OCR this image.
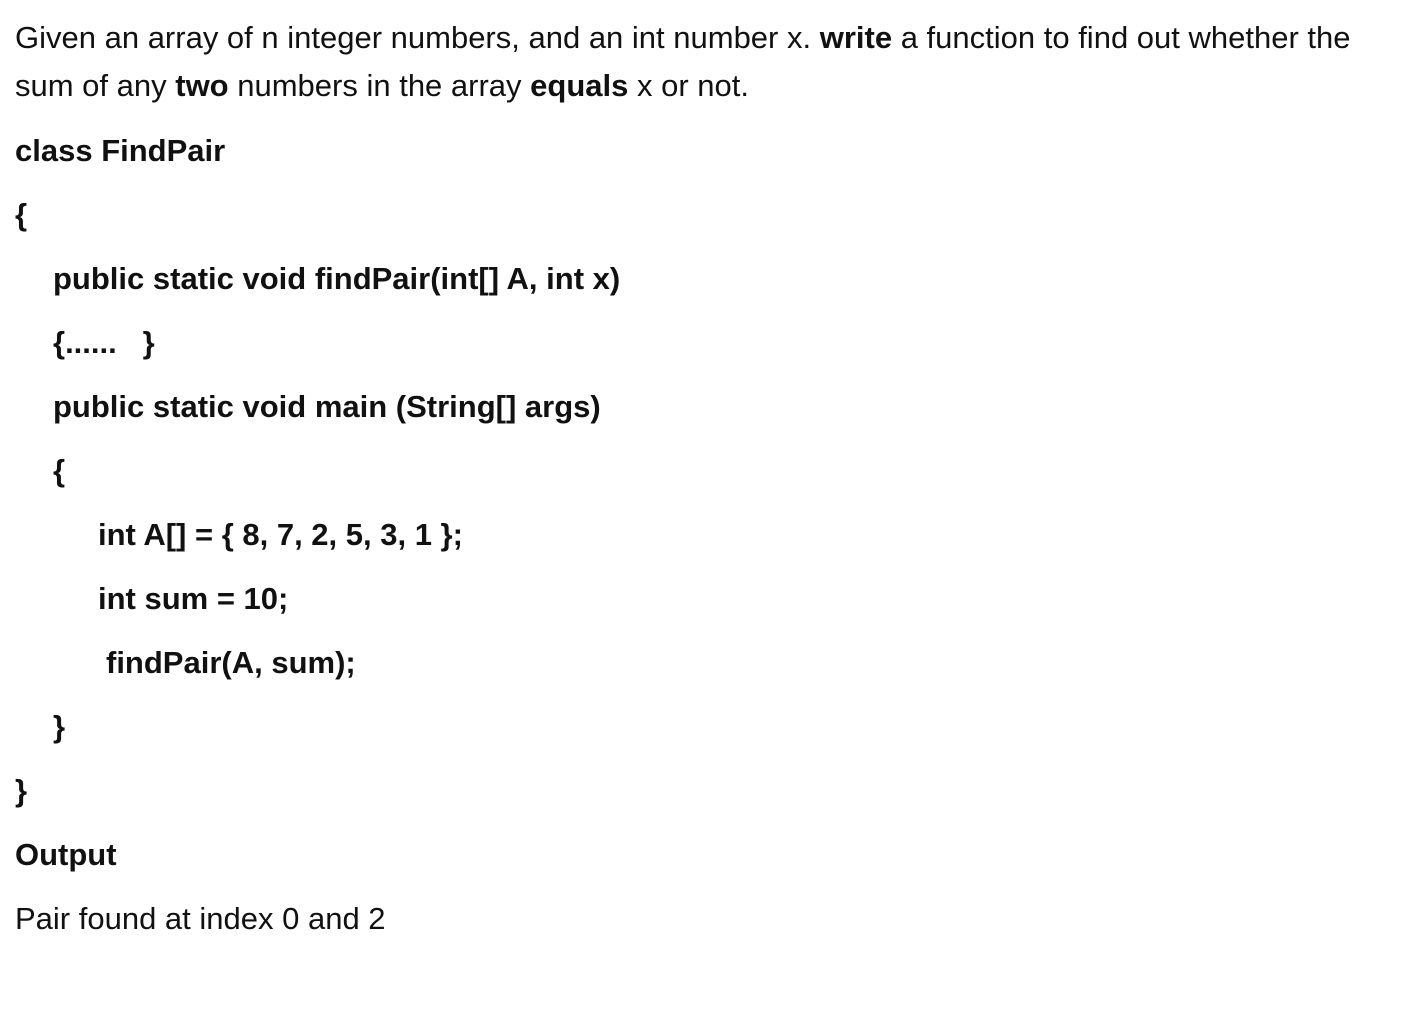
Given an array of n integer numbers, and an int number x. write a function to find out whether the
sum of any two numbers in the array equals x or not.
class FindPair
{
public static void findPair(int[] A, int x)
{......   }
public static void main (String[] args)
{
int A[] = { 8, 7, 2, 5, 3, 1 };
int sum = 10;
findPair(A, sum);
}
}
Output
Pair found at index 0 and 2
